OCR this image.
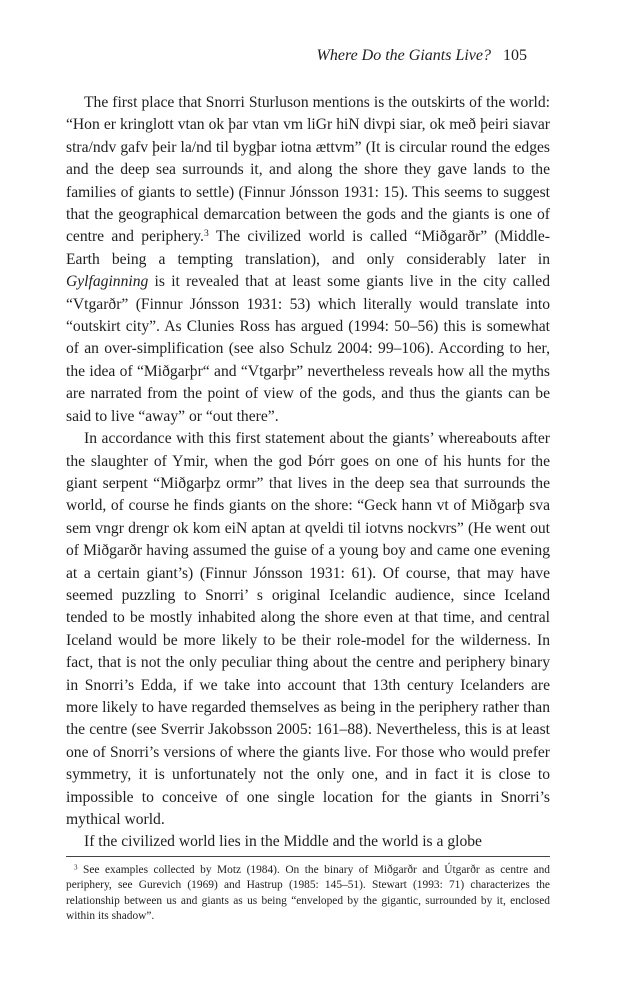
Where Do the Giants Live? 105

The first place that Snorri Sturluson mentions is the outskirts of the world: “Hon er kringlott vtan ok þar vtan vm liGr hiN divpi siar, ok með þeiri siavar stra/ndv gafv þeir la/nd til bygþar iotna ættvm” (It is circular round the edges and the deep sea surrounds it, and along the shore they gave lands to the families of giants to settle) (Finnur Jónsson 1931: 15). This seems to suggest that the geographical demarcation between the gods and the giants is one of centre and periphery.$^3$ The civilized world is called “Miðgarðr” (Middle-Earth being a tempting translation), and only considerably later in Gylfaginning is it revealed that at least some giants live in the city called “Vtgarðr” (Finnur Jónsson 1931: 53) which literally would translate into “outskirt city”. As Clunies Ross has argued (1994: 50–56) this is somewhat of an over-simplification (see also Schulz 2004: 99–106). According to her, the idea of “Miðgarþr“ and “Vtgarþr” nevertheless reveals how all the myths are narrated from the point of view of the gods, and thus the giants can be said to live “away” or “out there”.

In accordance with this first statement about the giants’ whereabouts after the slaughter of Ymir, when the god Þórr goes on one of his hunts for the giant serpent “Miðgarþz ormr” that lives in the deep sea that surrounds the world, of course he finds giants on the shore: “Geck hann vt of Miðgarþ sva sem vngr drengr ok kom eiN aptan at qveldi til iotvns nockvrs” (He went out of Miðgarðr having assumed the guise of a young boy and came one evening at a certain giant’s) (Finnur Jónsson 1931: 61). Of course, that may have seemed puzzling to Snorri’ s original Icelandic audience, since Iceland tended to be mostly inhabited along the shore even at that time, and central Iceland would be more likely to be their role-model for the wilderness. In fact, that is not the only peculiar thing about the centre and periphery binary in Snorri’s Edda, if we take into account that 13th century Icelanders are more likely to have regarded themselves as being in the periphery rather than the centre (see Sverrir Jakobsson 2005: 161–88). Nevertheless, this is at least one of Snorri’s versions of where the giants live. For those who would prefer symmetry, it is unfortunately not the only one, and in fact it is close to impossible to conceive of one single location for the giants in Snorri’s mythical world.

If the civilized world lies in the Middle and the world is a globe

$^3$ See examples collected by Motz (1984). On the binary of Miðgarðr and Útgarðr as centre and periphery, see Gurevich (1969) and Hastrup (1985: 145–51). Stewart (1993: 71) characterizes the relationship between us and giants as us being “enveloped by the gigantic, surrounded by it, enclosed within its shadow”.
